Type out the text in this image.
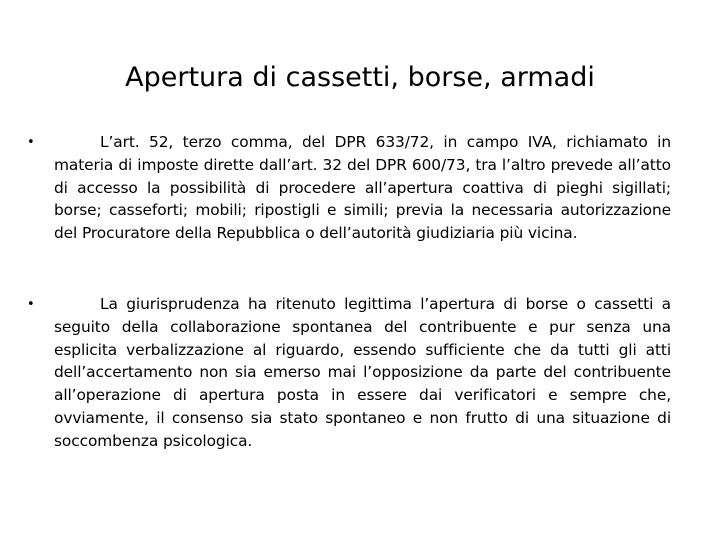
Apertura di cassetti, borse, armadi
•	L’art. 52, terzo comma, del DPR 633/72, in campo IVA, richiamato in materia di imposte dirette dall’art. 32 del DPR 600/73, tra l’altro prevede all’atto di accesso la possibilità di procedere all’apertura coattiva di pieghi sigillati; borse; casseforti; mobili; ripostigli e simili; previa la necessaria autorizzazione del Procuratore della Repubblica o dell’autorità giudiziaria più vicina.
•	La giurisprudenza ha ritenuto legittima l’apertura di borse o cassetti a seguito della collaborazione spontanea del contribuente e pur senza una esplicita verbalizzazione al riguardo, essendo sufficiente che da tutti gli atti dell’accertamento non sia emerso mai l’opposizione da parte del contribuente all’operazione di apertura posta in essere dai verificatori e sempre che, ovviamente, il consenso sia stato spontaneo e non frutto di una situazione di soccombenza psicologica.
